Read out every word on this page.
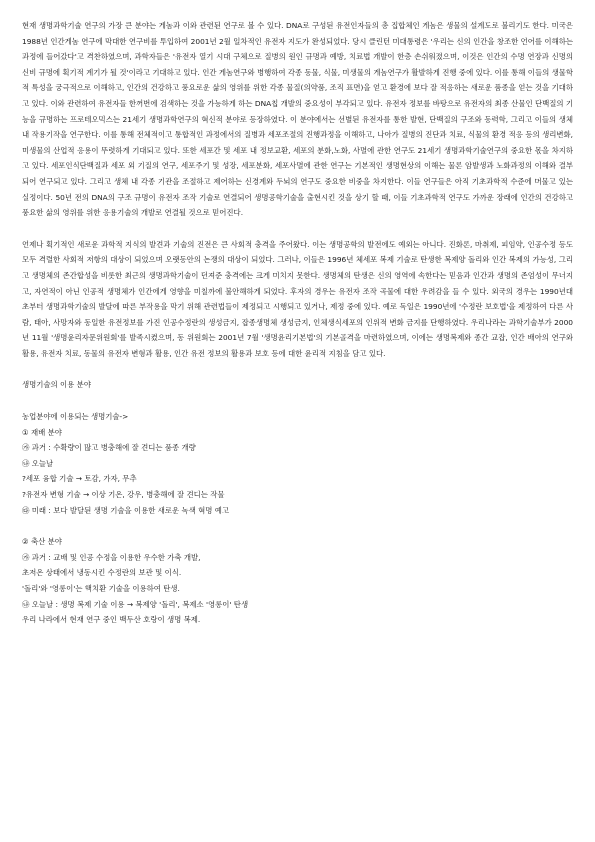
현재 생명과학기술 연구의 가장 큰 분야는 게놈과 이와 관련된 연구로 볼 수 있다. DNA로 구성된 유전인자들의 총 집합체인 게놈은 생물의 설계도로 불리기도 한다. 미국은 1988년 인간게놈 연구에 막대한 연구비를 투입하여 2001년 2월 일차적인 유전자 지도가 완성되었다. 당시 클린턴 미대통령은 '우리는 신의 인간을 창조한 언어를 이해하는 과정에 들어갔다'고 격찬하였으며, 과학자들은 '유전자 열기 시대 구체으로 질병의 원인 규명과 예방, 치료법 개발이 한층 손쉬워졌으며, 이것은 인간의 수명 연장과 신명의 신비 규명에 획기적 계기가 될 것'이라고 기대하고 있다. 인간 게놈연구와 병행하여 각종 동물, 식물, 미생물의 게놈연구가 활발하게 진행 중에 있다. 이를 통해 이들의 생물학적 특성을 궁극적으로 이해하고, 인간의 건강하고 풍요로운 삶의 영위를 위한 각종 물질(의약품, 조직 표면)을 얻고 환경에 보다 잘 적응하는 새로운 품종을 얻는 것을 기대하고 있다. 이와 관련하여 유전자들 한꺼번에 검색하는 것을 가능하게 하는 DNA칩 개발의 중요성이 부각되고 있다. 유전자 정보를 바탕으로 유전자의 최종 산물인 단백질의 기능을 규명하는 프로테오믹스는 21세기 생명과학연구의 혁신적 분야로 등장하였다. 이 분야에서는 선별된 유전자를 통한 발현, 단백질의 구조와 동력학, 그리고 이들의 생체 내 작용기작을 연구한다. 이를 통해 전체적이고 통합적인 과정에서의 질병과 세포조절의 진행과정을 이해하고, 나아가 질병의 진단과 치료, 식물의 환경 적응 등의 생리변화, 미생물의 산업적 응용이 뚜렷하게 기대되고 있다. 또한 세포간 및 세포 내 정보교환, 세포의 분화,노화, 사멸에 관한 연구도 21세기 생명과학기술연구의 중요한 몫을 차지하고 있다. 세포인식단백질과 세포 외 기질의 연구, 세포주기 및 성장, 세포분화, 세포사멸에 관한 연구는 기본적인 생명현상의 이해는 물론 암발생과 노화과정의 이해와 결부되어 연구되고 있다. 그리고 생체 내 각종 기관을 조절하고 제어하는 신경계와 두뇌의 연구도 중요한 비중을 차지한다. 이들 연구들은 아직 기초과학적 수준에 머물고 있는 실정이다. 50년 전의 DNA의 구조 규명이 유전자 조작 기술로 연결되어 생명공학기술을 출현시킨 것을 상기 할 때, 이들 기초과학적 연구도 가까운 장래에 인간의 건강하고 풍요한 삶의 영위를 위한 응용기술의 개발로 연결될 것으로 믿어진다.

언제나 획기적인 새로운 과학적 지식의 발견과 기술의 진전은 큰 사회적 충격을 주어왔다. 이는 생명공학의 발전에도 예외는 아니다. 진화론, 마취제, 피임약, 인공수정 등도 모두 격렬한 사회적 저항의 대상이 되었으며 오랫동안의 논쟁의 대상이 되었다. 그러나, 이들은 1996년 체세포 복제 기술로 탄생한 복제양 돌리와 인간 복제의 가능성, 그리고 생명체의 존간합성을 비롯한 최근의 생명과학기술이 던져준 충격에는 크게 미치지 못한다. 생명체의 탄생은 신의 영역에 속한다는 믿음과 인간과 생명의 존엄성이 무너지고, 자연적이 아닌 인공적 생명체가 인간에게 영향을 미칠까에 불안해하게 되었다. 후자의 경우는 유전자 조작 곡물에 대한 우려감을 들 수 있다. 외국의 경우는 1990년대 초부터 생명과학기술의 발달에 따른 부작용을 막기 위해 관련법들이 제정되고 시행되고 있거나, 제정 중에 있다. 예로 독일은 1990년에 '수정란 보호법'을 제정하여 다른 사람, 태아, 사망자와 동일한 유전정보를 가진 인공수정란의 생성금지, 잡종생명체 생성금지, 인체생식세포의 인위적 변화 금지를 단행하였다. 우리나라는 과학기술부가 2000년 11월 '생명윤리자문위원회'를 발족시켰으며, 동 위원회는 2001년 7월 '생명윤리기본법'의 기본골격을 마련하였으며, 이에는 생명복제와 종간 교잡, 인간 배아의 연구와 활용, 유전자 치료, 동물의 유전자 변형과 활용, 인간 유전 정보의 활용과 보호 등에 대한 윤리적 지침을 담고 있다.

생명기술의 이용 분야

농업분야에 이용되는 생명기술->

① 재배 분야

㉮ 과거 : 수확량이 많고 병충해에 잘 견디는 품종 개량

㉯ 오늘날

?세포 융합 기술 → 토감, 가자, 무추

?유전자 변형 기술 → 이상 기온, 강우, 병충해에 잘 견디는 작물

㉰ 미래 : 보다 발달된 생명 기술을 이용한 새로운 녹색 혁명 예고

② 축산 분야

㉮ 과거 : 교배 및 인공 수정을 이용한 우수한 가축 개발,

초저온 상태에서 냉동시킨 수정란의 보관 및 이식.

'돌리'와 '영롱이'는 핵치환 기술을 이용하여 탄생.

㉯ 오늘날 : 생명 복제 기술 이용 → 복제양 '돌리', 복제소 '영롱이' 탄생

우리 나라에서 현재 연구 중인 백두산 호랑이 생명 복제.
